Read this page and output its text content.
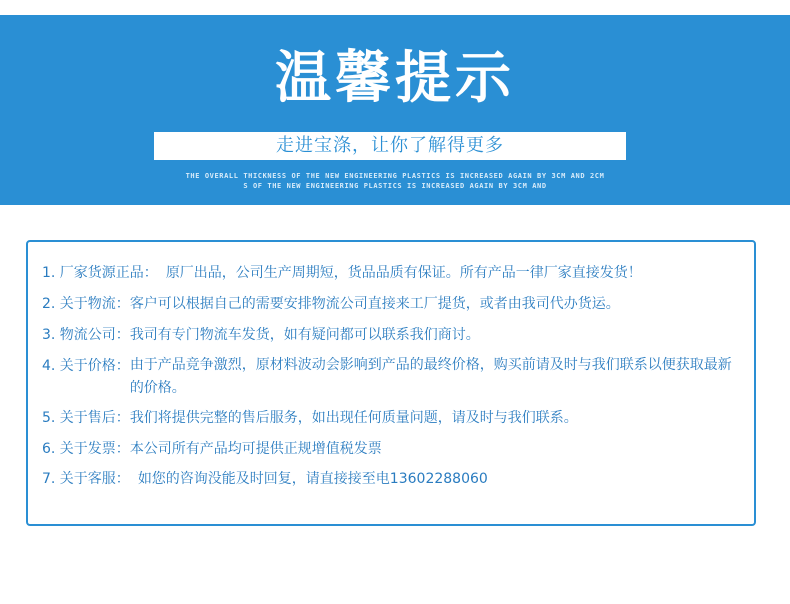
温馨提示
走进宝涤，让你了解得更多
THE OVERALL THICKNESS OF THE NEW ENGINEERING PLASTICS IS INCREASED AGAIN BY 3CM AND 2CM
S OF THE NEW ENGINEERING PLASTICS IS INCREASED AGAIN BY 3CM AND
1. 厂家货源正品： 原厂出品，公司生产周期短，货品品质有保证。所有产品一律厂家直接发货！
2. 关于物流： 客户可以根据自己的需要安排物流公司直接来工厂提货，或者由我司代办货运。
3. 物流公司： 我司有专门物流车发货，如有疑问都可以联系我们商讨。
4. 关于价格： 由于产品竞争激烈，原材料波动会影响到产品的最终价格，购买前请及时与我们联系以便获取最新的价格。
5. 关于售后： 我们将提供完整的售后服务，如出现任何质量问题，请及时与我们联系。
6. 关于发票： 本公司所有产品均可提供正规增值税发票
7. 关于客服： 如您的咨询没能及时回复，请直接接至电13602288060
